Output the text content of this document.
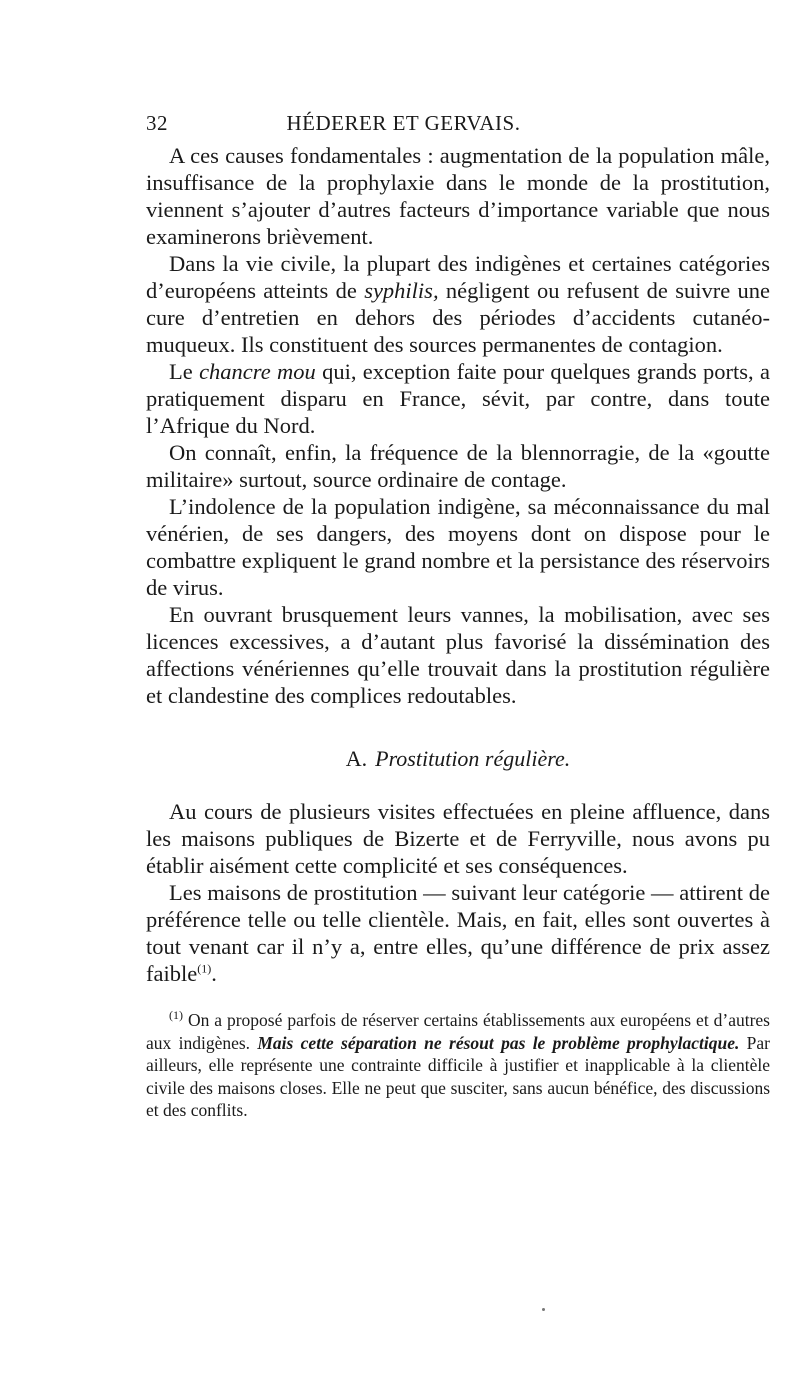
32	HÉDERER ET GERVAIS.

A ces causes fondamentales : augmentation de la population mâle, insuffisance de la prophylaxie dans le monde de la prostitution, viennent s’ajouter d’autres facteurs d’importance variable que nous examinerons brièvement.

Dans la vie civile, la plupart des indigènes et certaines catégories d’européens atteints de syphilis, négligent ou refusent de suivre une cure d’entretien en dehors des périodes d’accidents cutanéo-muqueux. Ils constituent des sources permanentes de contagion.

Le chancre mou qui, exception faite pour quelques grands ports, a pratiquement disparu en France, sévit, par contre, dans toute l’Afrique du Nord.

On connaît, enfin, la fréquence de la blennorragie, de la «goutte militaire» surtout, source ordinaire de contage.

L’indolence de la population indigène, sa méconnaissance du mal vénérien, de ses dangers, des moyens dont on dispose pour le combattre expliquent le grand nombre et la persistance des réservoirs de virus.

En ouvrant brusquement leurs vannes, la mobilisation, avec ses licences excessives, a d’autant plus favorisé la dissémination des affections vénériennes qu’elle trouvait dans la prostitution régulière et clandestine des complices redoutables.

A. Prostitution régulière.

Au cours de plusieurs visites effectuées en pleine affluence, dans les maisons publiques de Bizerte et de Ferryville, nous avons pu établir aisément cette complicité et ses conséquences.

Les maisons de prostitution — suivant leur catégorie — attirent de préférence telle ou telle clientèle. Mais, en fait, elles sont ouvertes à tout venant car il n’y a, entre elles, qu’une différence de prix assez faible$^{(1)}$.

$^{(1)}$ On a proposé parfois de réserver certains établissements aux européens et d’autres aux indigènes. Mais cette séparation ne résout pas le problème prophylactique. Par ailleurs, elle représente une contrainte difficile à justifier et inapplicable à la clientèle civile des maisons closes. Elle ne peut que susciter, sans aucun bénéfice, des discussions et des conflits.
